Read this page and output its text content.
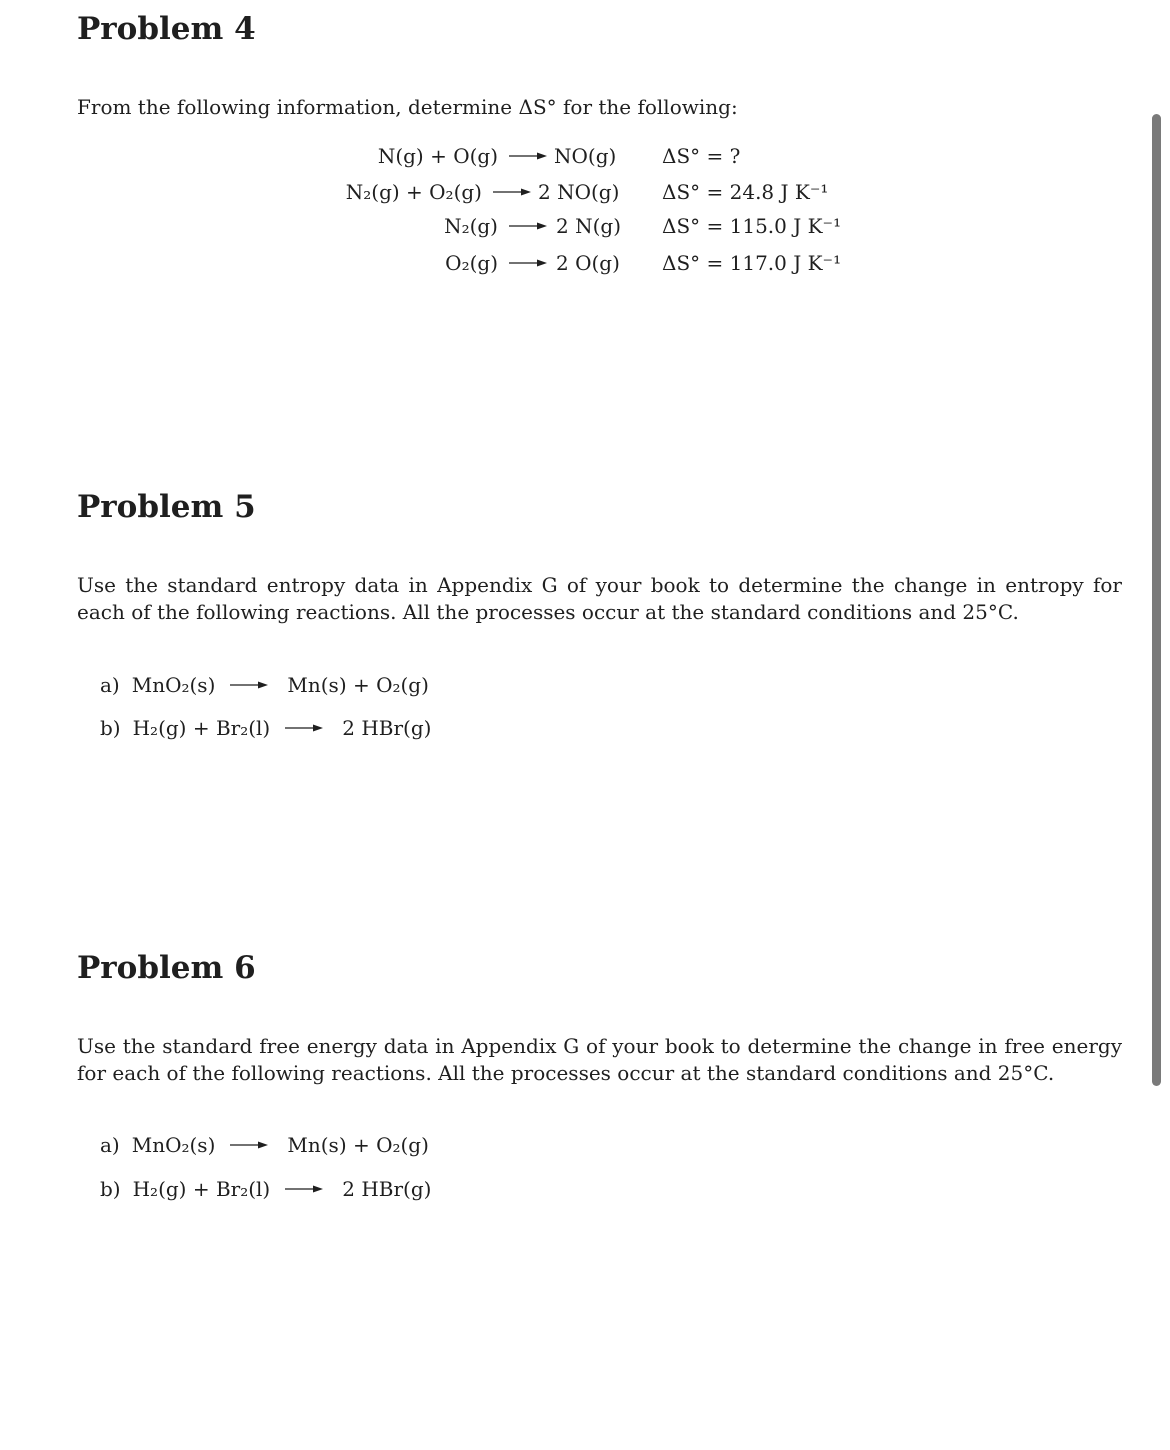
Problem 4

From the following information, determine ΔS° for the following:

N(g) + O(g) → NO(g) ΔS° = ?
N₂(g) + O₂(g) → 2 NO(g) ΔS° = 24.8 J K⁻¹
N₂(g) → 2 N(g) ΔS° = 115.0 J K⁻¹
O₂(g) → 2 O(g) ΔS° = 117.0 J K⁻¹
Problem 5

Use the standard entropy data in Appendix G of your book to determine the change in entropy for each of the following reactions. All the processes occur at the standard conditions and 25°C.

a) MnO₂(s) → Mn(s) + O₂(g)
b) H₂(g) + Br₂(l) → 2 HBr(g)
Problem 6

Use the standard free energy data in Appendix G of your book to determine the change in free energy for each of the following reactions. All the processes occur at the standard conditions and 25°C.

a) MnO₂(s) → Mn(s) + O₂(g)
b) H₂(g) + Br₂(l) → 2 HBr(g)
